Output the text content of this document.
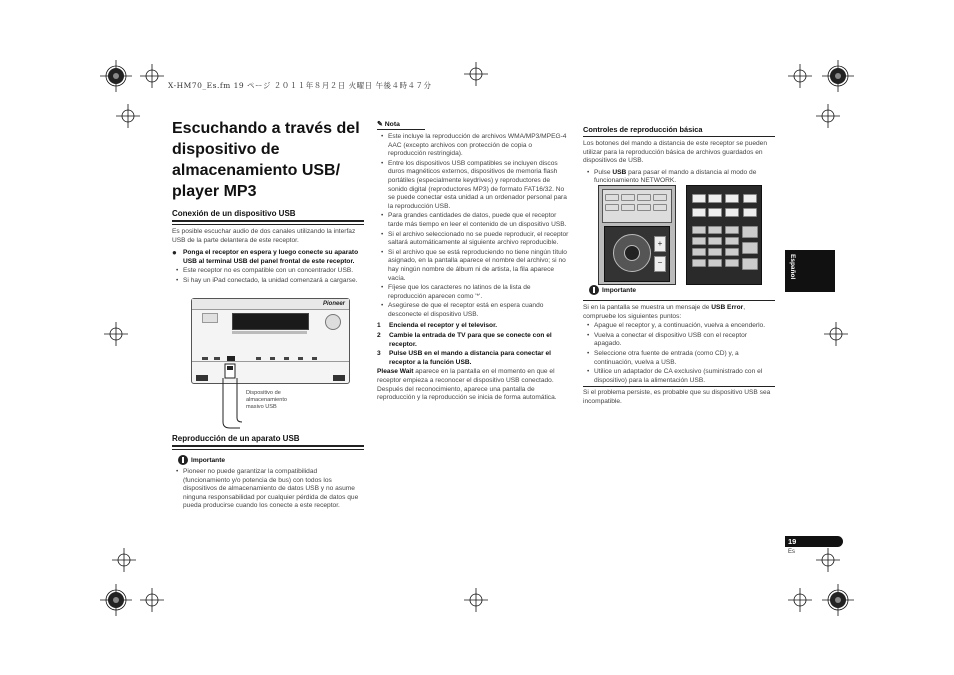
X-HM70_Es.fm 19 ページ ２０１１年８月２日 火曜日 午後４時４７分
Escuchando a través del
dispositivo de
almacenamiento USB/
player MP3
Conexión de un dispositivo USB
Es posible escuchar audio de dos canales utilizando la interfaz USB de la parte delantera de este receptor.
● Ponga el receptor en espera y luego conecte su aparato USB al terminal USB del panel frontal de este receptor.
• Este receptor no es compatible con un concentrador USB.
• Si hay un iPad conectado, la unidad comenzará a cargarse.
Pioneer
Dispositivo de almacenamiento masivo USB
Reproducción de un aparato USB
Importante
• Pioneer no puede garantizar la compatibilidad (funcionamiento y/o potencia de bus) con todos los dispositivos de almacenamiento de datos USB y no asume ninguna responsabilidad por cualquier pérdida de datos que pueda producirse cuando los conecte a este receptor.
✎ Nota
• Este incluye la reproducción de archivos WMA/MP3/MPEG-4 AAC (excepto archivos con protección de copia o reproducción restringida).
• Entre los dispositivos USB compatibles se incluyen discos duros magnéticos externos, dispositivos de memoria flash portátiles (especialmente keydrives) y reproductores de sonido digital (reproductores MP3) de formato FAT16/32. No se puede conectar esta unidad a un ordenador personal para la reproducción USB.
• Para grandes cantidades de datos, puede que el receptor tarde más tiempo en leer el contenido de un dispositivo USB.
• Si el archivo seleccionado no se puede reproducir, el receptor saltará automáticamente al siguiente archivo reproducible.
• Si el archivo que se está reproduciendo no tiene ningún título asignado, en la pantalla aparece el nombre del archivo; si no hay ningún nombre de álbum ni de artista, la fila aparece vacía.
• Fíjese que los caracteres no latinos de la lista de reproducción aparecen como '*'.
• Asegúrese de que el receptor está en espera cuando desconecte el dispositivo USB.
1 Encienda el receptor y el televisor.
2 Cambie la entrada de TV para que se conecte con el receptor.
3 Pulse USB en el mando a distancia para conectar el receptor a la función USB.
Please Wait aparece en la pantalla en el momento en que el receptor empieza a reconocer el dispositivo USB conectado. Después del reconocimiento, aparece una pantalla de reproducción y la reproducción se inicia de forma automática.
Controles de reproducción básica
Los botones del mando a distancia de este receptor se pueden utilizar para la reproducción básica de archivos guardados en dispositivos de USB.
• Pulse USB para pasar el mando a distancia al modo de funcionamiento NETWORK.
+
−
Importante
Si en la pantalla se muestra un mensaje de USB Error, compruebe los siguientes puntos:
• Apague el receptor y, a continuación, vuelva a encenderlo.
• Vuelva a conectar el dispositivo USB con el receptor apagado.
• Seleccione otra fuente de entrada (como CD) y, a continuación, vuelva a USB.
• Utilice un adaptador de CA exclusivo (suministrado con el dispositivo) para la alimentación USB.
Si el problema persiste, es probable que su dispositivo USB sea incompatible.
Español
19
Es
